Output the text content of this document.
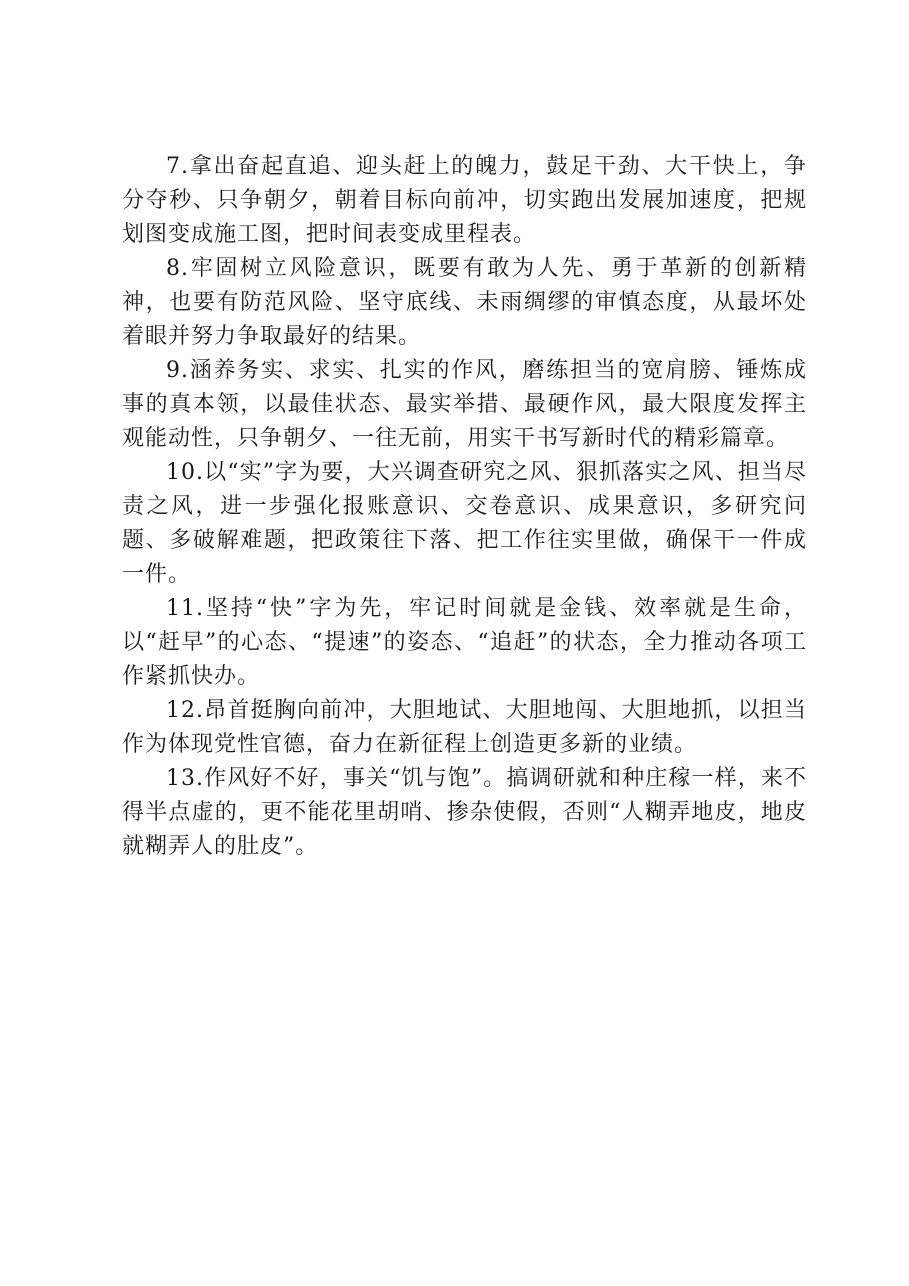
7.拿出奋起直追、迎头赶上的魄力，鼓足干劲、大干快上，争分夺秒、只争朝夕，朝着目标向前冲，切实跑出发展加速度，把规划图变成施工图，把时间表变成里程表。

8.牢固树立风险意识，既要有敢为人先、勇于革新的创新精神，也要有防范风险、坚守底线、未雨绸缪的审慎态度，从最坏处着眼并努力争取最好的结果。

9.涵养务实、求实、扎实的作风，磨练担当的宽肩膀、锤炼成事的真本领，以最佳状态、最实举措、最硬作风，最大限度发挥主观能动性，只争朝夕、一往无前，用实干书写新时代的精彩篇章。

10.以“实”字为要，大兴调查研究之风、狠抓落实之风、担当尽责之风，进一步强化报账意识、交卷意识、成果意识，多研究问题、多破解难题，把政策往下落、把工作往实里做，确保干一件成一件。

11.坚持“快”字为先，牢记时间就是金钱、效率就是生命，以“赶早”的心态、“提速”的姿态、“追赶”的状态，全力推动各项工作紧抓快办。

12.昂首挺胸向前冲，大胆地试、大胆地闯、大胆地抓，以担当作为体现党性官德，奋力在新征程上创造更多新的业绩。

13.作风好不好，事关“饥与饱”。搞调研就和种庄稼一样，来不得半点虚的，更不能花里胡哨、掺杂使假，否则“人糊弄地皮，地皮就糊弄人的肚皮”。
